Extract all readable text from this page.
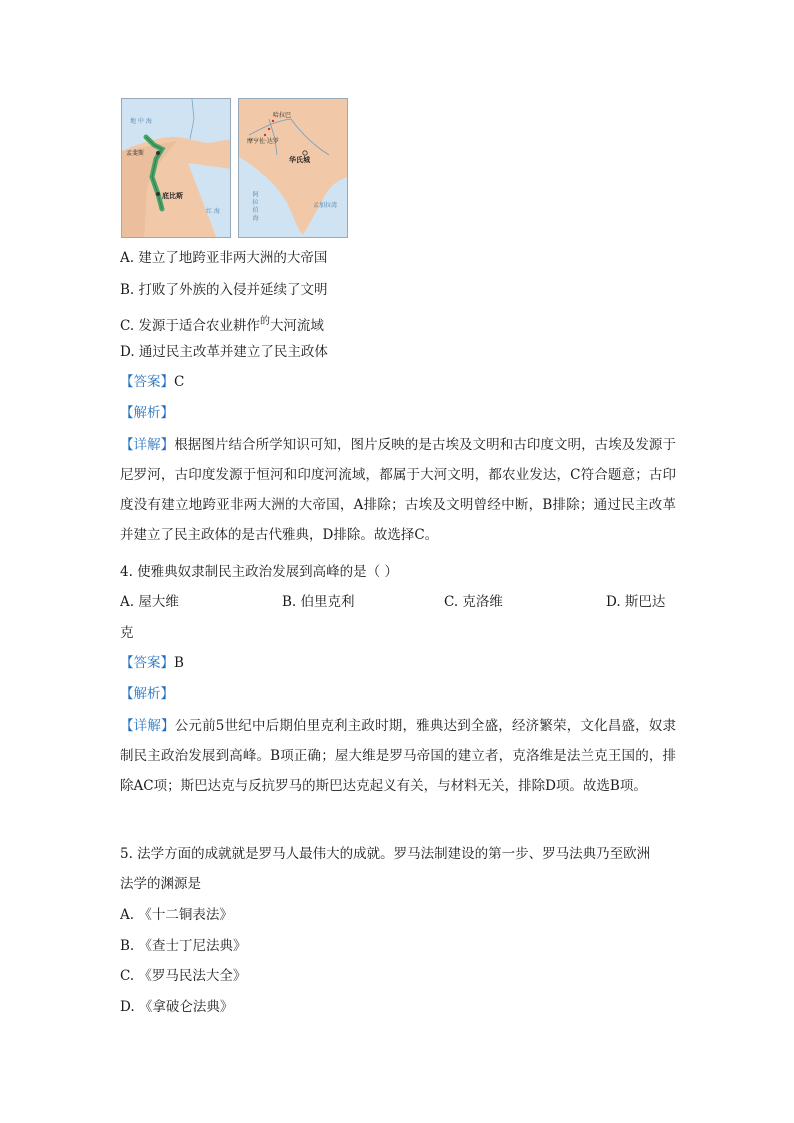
地 中 海
孟斐斯
底比斯
红 海
哈拉巴
摩亨佐·达罗
华氏城
阿 拉 伯 海	孟加拉湾
A. 建立了地跨亚非两大洲的大帝国
B. 打败了外族的入侵并延续了文明
C. 发源于适合农业耕作$^的$大河流域
D. 通过民主改革并建立了民主政体
【答案】C
【解析】
【详解】根据图片结合所学知识可知，图片反映的是古埃及文明和古印度文明，古埃及发源于尼罗河，古印度发源于恒河和印度河流域，都属于大河文明，都农业发达，C符合题意；古印度没有建立地跨亚非两大洲的大帝国，A排除；古埃及文明曾经中断，B排除；通过民主改革并建立了民主政体的是古代雅典，D排除。故选择C。
4. 使雅典奴隶制民主政治发展到高峰的是（ ）
A. 屋大维	B. 伯里克利	C. 克洛维	D. 斯巴达
克
【答案】B
【解析】
【详解】公元前5世纪中后期伯里克利主政时期，雅典达到全盛，经济繁荣，文化昌盛，奴隶制民主政治发展到高峰。B项正确；屋大维是罗马帝国的建立者，克洛维是法兰克王国的，排除AC项；斯巴达克与反抗罗马的斯巴达克起义有关，与材料无关，排除D项。故选B项。
5. 法学方面的成就就是罗马人最伟大的成就。罗马法制建设的第一步、罗马法典乃至欧洲
法学的渊源是
A. 《十二铜表法》
B. 《查士丁尼法典》
C. 《罗马民法大全》
D. 《拿破仑法典》
